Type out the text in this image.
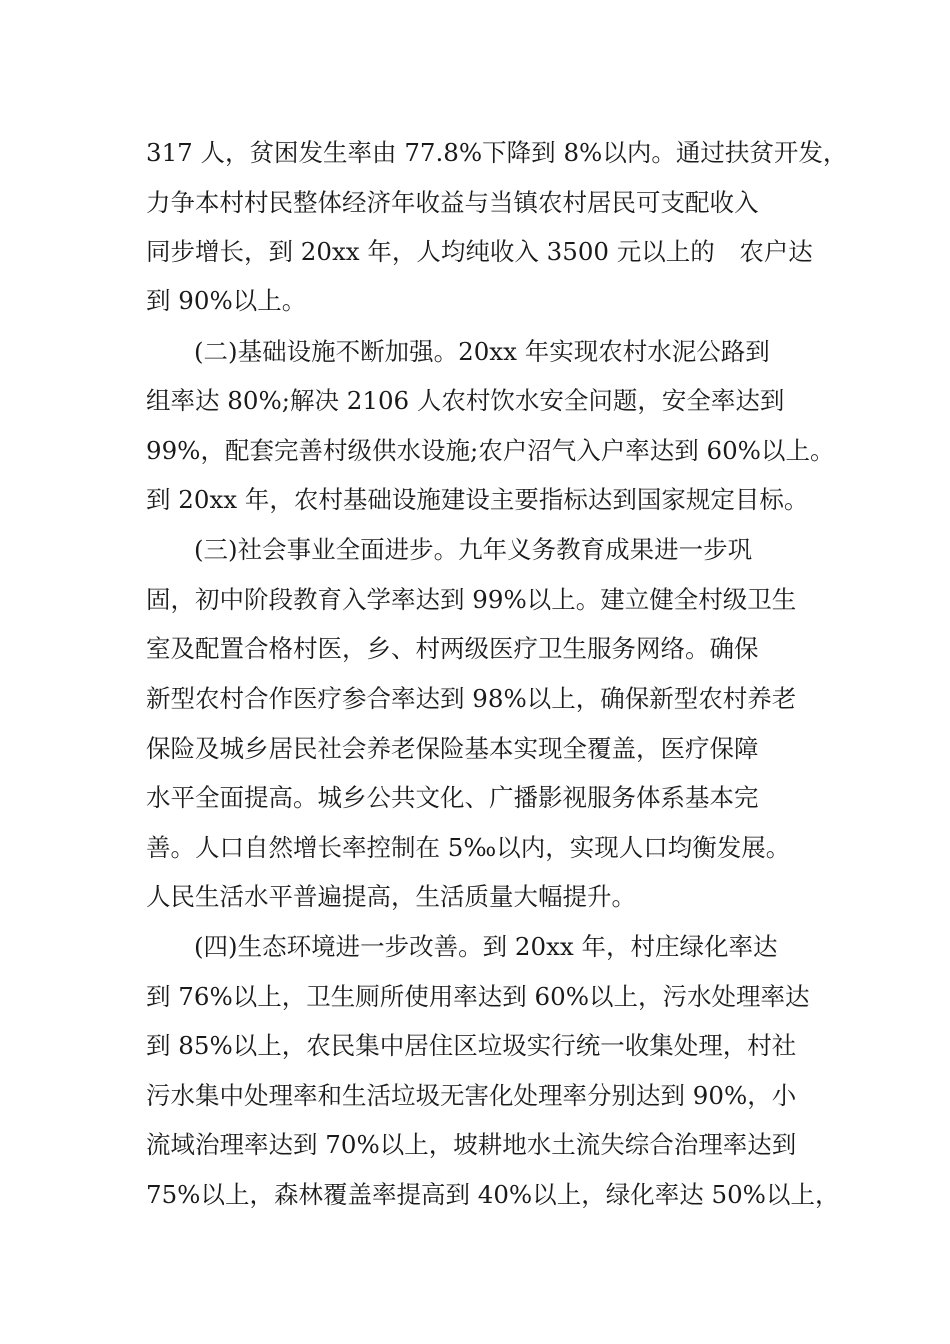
317 人，贫困发生率由 77.8%下降到 8%以内。通过扶贫开发，
力争本村村民整体经济年收益与当镇农村居民可支配收入
同步增长，到 20xx 年，人均纯收入 3500 元以上的　农户达
到 90%以上。
(二)基础设施不断加强。20xx 年实现农村水泥公路到
组率达 80%;解决 2106 人农村饮水安全问题，安全率达到
99%，配套完善村级供水设施;农户沼气入户率达到 60%以上。
到 20xx 年，农村基础设施建设主要指标达到国家规定目标。
(三)社会事业全面进步。九年义务教育成果进一步巩
固，初中阶段教育入学率达到 99%以上。建立健全村级卫生
室及配置合格村医，乡、村两级医疗卫生服务网络。确保
新型农村合作医疗参合率达到 98%以上，确保新型农村养老
保险及城乡居民社会养老保险基本实现全覆盖，医疗保障
水平全面提高。城乡公共文化、广播影视服务体系基本完
善。人口自然增长率控制在 5‰以内，实现人口均衡发展。
人民生活水平普遍提高，生活质量大幅提升。
(四)生态环境进一步改善。到 20xx 年，村庄绿化率达
到 76%以上，卫生厕所使用率达到 60%以上，污水处理率达
到 85%以上，农民集中居住区垃圾实行统一收集处理，村社
污水集中处理率和生活垃圾无害化处理率分别达到 90%，小
流域治理率达到 70%以上，坡耕地水土流失综合治理率达到
75%以上，森林覆盖率提高到 40%以上，绿化率达 50%以上，
